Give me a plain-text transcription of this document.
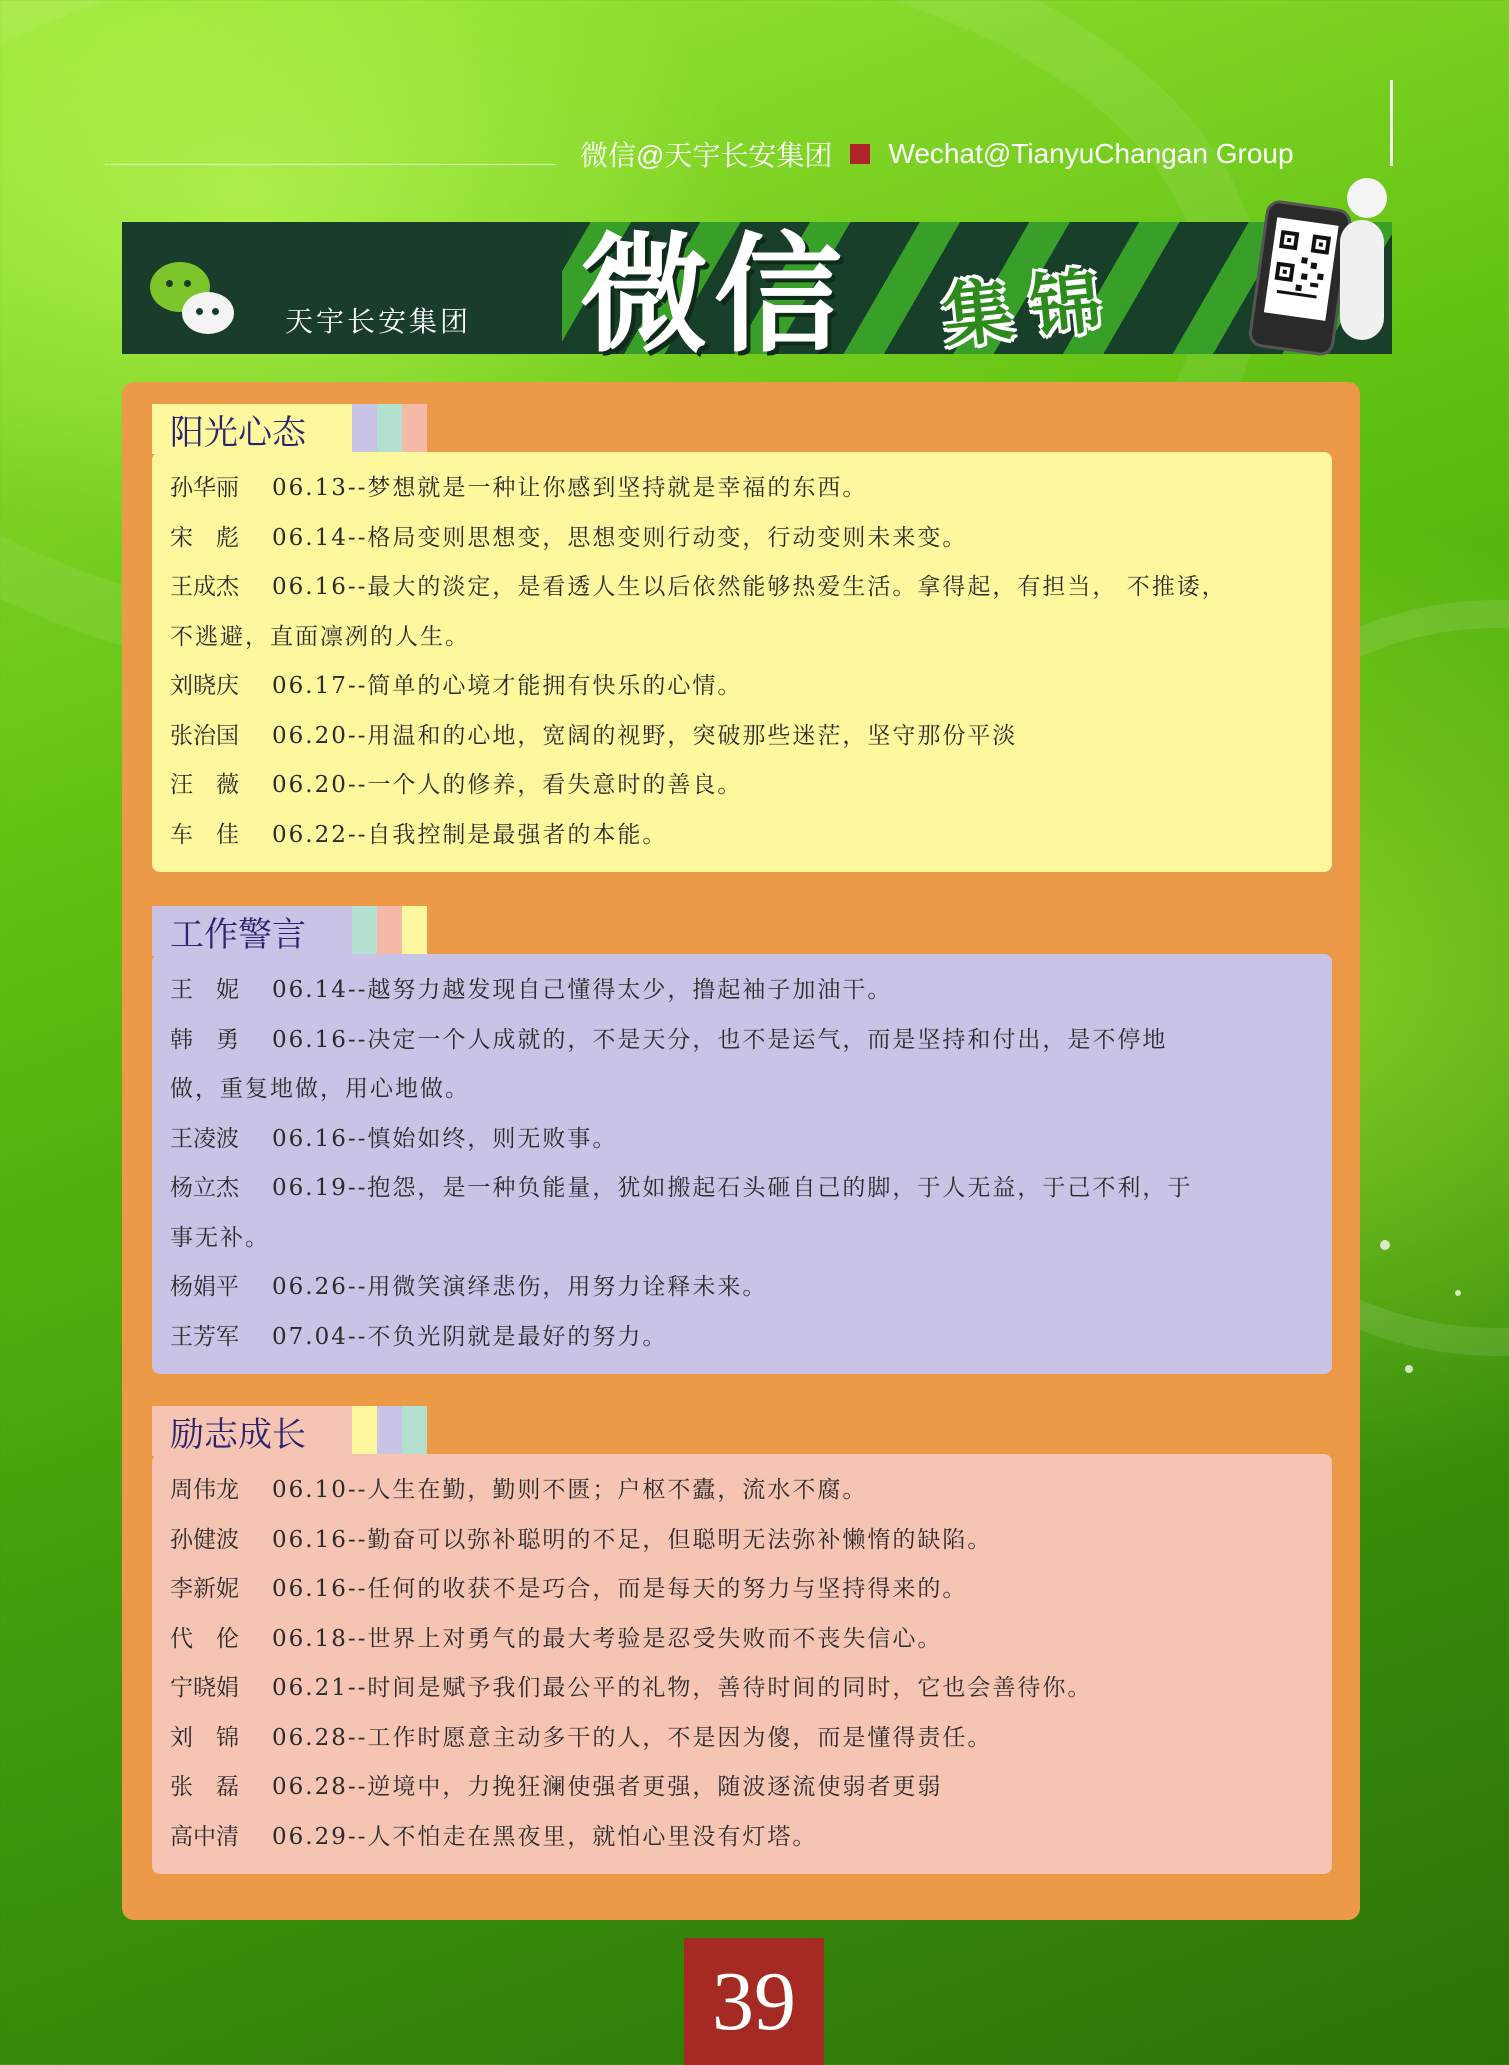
微信@天宇长安集团 Wechat@TianyuChangan Group
天宇长安集团 微信 集锦
阳光心态
孙华丽 06.13--梦想就是一种让你感到坚持就是幸福的东西。
宋　彪 06.14--格局变则思想变，思想变则行动变，行动变则未来变。
王成杰 06.16--最大的淡定，是看透人生以后依然能够热爱生活。拿得起，有担当， 不推诿，
不逃避，直面凛冽的人生。
刘晓庆 06.17--简单的心境才能拥有快乐的心情。
张治国 06.20--用温和的心地，宽阔的视野，突破那些迷茫，坚守那份平淡
汪　薇 06.20--一个人的修养，看失意时的善良。
车　佳 06.22--自我控制是最强者的本能。
工作警言
王　妮 06.14--越努力越发现自己懂得太少，撸起袖子加油干。
韩　勇 06.16--决定一个人成就的，不是天分，也不是运气，而是坚持和付出，是不停地
做，重复地做，用心地做。
王凌波 06.16--慎始如终，则无败事。
杨立杰 06.19--抱怨，是一种负能量，犹如搬起石头砸自己的脚，于人无益，于己不利，于
事无补。
杨娟平 06.26--用微笑演绎悲伤，用努力诠释未来。
王芳军 07.04--不负光阴就是最好的努力。
励志成长
周伟龙 06.10--人生在勤，勤则不匮；户枢不蠹，流水不腐。
孙健波 06.16--勤奋可以弥补聪明的不足，但聪明无法弥补懒惰的缺陷。
李新妮 06.16--任何的收获不是巧合，而是每天的努力与坚持得来的。
代　伦 06.18--世界上对勇气的最大考验是忍受失败而不丧失信心。
宁晓娟 06.21--时间是赋予我们最公平的礼物，善待时间的同时，它也会善待你。
刘　锦 06.28--工作时愿意主动多干的人，不是因为傻，而是懂得责任。
张　磊 06.28--逆境中，力挽狂澜使强者更强，随波逐流使弱者更弱
高中清 06.29--人不怕走在黑夜里，就怕心里没有灯塔。
39
